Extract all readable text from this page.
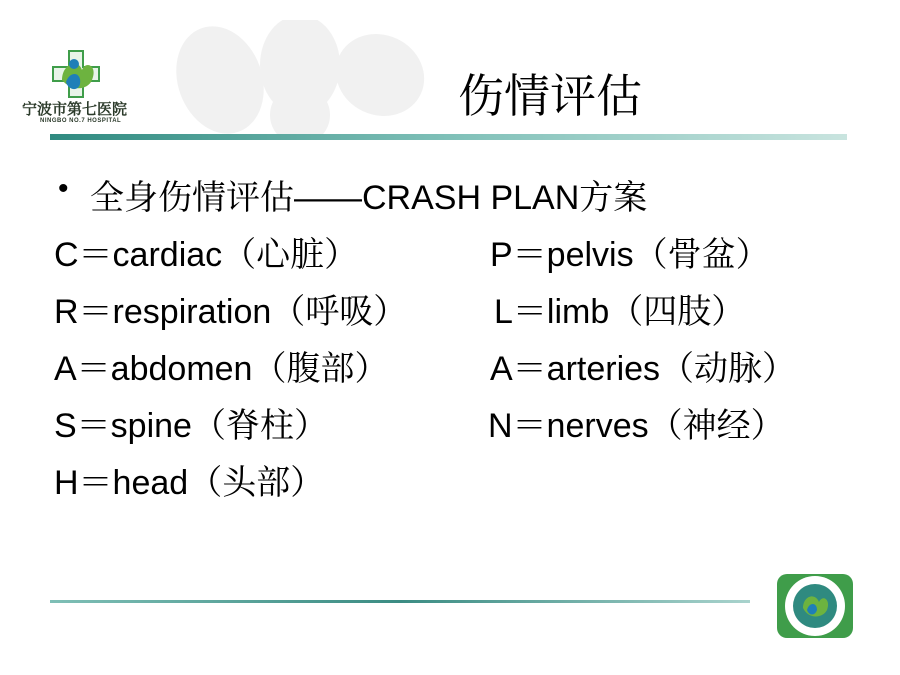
宁波市第七医院
NINGBO NO.7 HOSPITAL	伤情评估
• 全身伤情评估——CRASH PLAN方案
C＝cardiac（心脏）
R＝respiration（呼吸）
A＝abdomen（腹部）
S＝spine（脊柱）
H＝head（头部）
P＝pelvis（骨盆）
L＝limb（四肢）
A＝arteries（动脉）
N＝nerves（神经）
